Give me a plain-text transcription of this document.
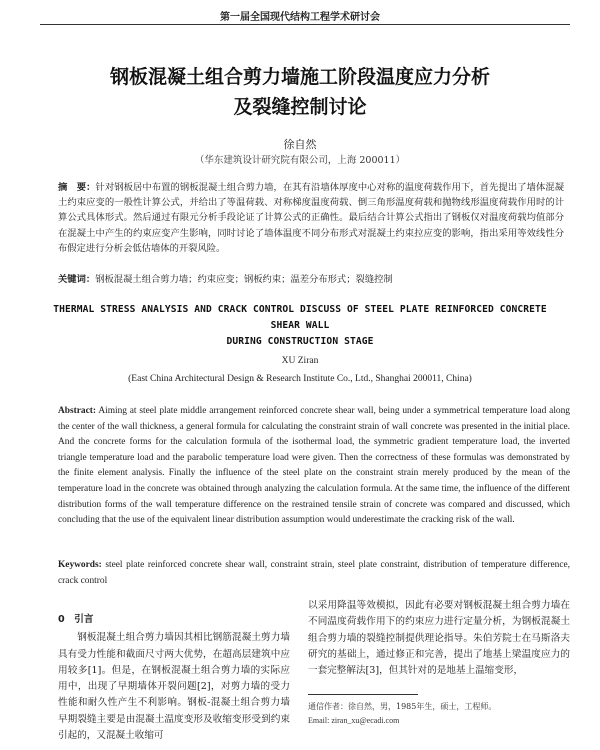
第一届全国现代结构工程学术研讨会
钢板混凝土组合剪力墙施工阶段温度应力分析
及裂缝控制讨论
徐自然
（华东建筑设计研究院有限公司，上海 200011）
摘　要：针对钢板居中布置的钢板混凝土组合剪力墙，在其有沿墙体厚度中心对称的温度荷载作用下，首先提出了墙体混凝土约束应变的一般性计算公式，并给出了等温荷载、对称梯度温度荷载、倒三角形温度荷载和抛物线形温度荷载作用时的计算公式具体形式。然后通过有限元分析手段论证了计算公式的正确性。最后结合计算公式指出了钢板仅对温度荷载均值部分在混凝土中产生的约束应变产生影响，同时讨论了墙体温度不同分布形式对混凝土约束拉应变的影响，指出采用等效线性分布假定进行分析会低估墙体的开裂风险。
关键词：钢板混凝土组合剪力墙；约束应变；钢板约束；温差分布形式；裂缝控制
THERMAL STRESS ANALYSIS AND CRACK CONTROL DISCUSS OF STEEL PLATE REINFORCED CONCRETE SHEAR WALL
DURING CONSTRUCTION STAGE
XU Ziran
(East China Architectural Design & Research Institute Co., Ltd., Shanghai 200011, China)
Abstract: Aiming at steel plate middle arrangement reinforced concrete shear wall, being under a symmetrical temperature load along the center of the wall thickness, a general formula for calculating the constraint strain of wall concrete was presented in the initial place. And the concrete forms for the calculation formula of the isothermal load, the symmetric gradient temperature load, the inverted triangle temperature load and the parabolic temperature load were given. Then the correctness of these formulas was demonstrated by the finite element analysis. Finally the influence of the steel plate on the constraint strain merely produced by the mean of the temperature load in the concrete was obtained through analyzing the calculation formula. At the same time, the influence of the different distribution forms of the wall temperature difference on the restrained tensile strain of concrete was compared and discussed, which concluding that the use of the equivalent linear distribution assumption would underestimate the cracking risk of the wall.
Keywords: steel plate reinforced concrete shear wall, constraint strain, steel plate constraint, distribution of temperature difference, crack control
0　引言

钢板混凝土组合剪力墙因其相比钢筋混凝土剪力墙具有受力性能和截面尺寸两大优势，在超高层建筑中应用较多[1]。但是，在钢板混凝土组合剪力墙的实际应用中，出现了早期墙体开裂问题[2]，对剪力墙的受力性能和耐久性产生不利影响。钢板-混凝土组合剪力墙早期裂缝主要是由混凝土温度变形及收缩变形受到约束引起的，又混凝土收缩可

以采用降温等效模拟，因此有必要对钢板混凝土组合剪力墙在不同温度荷载作用下的约束应力进行定量分析，为钢板混凝土组合剪力墙的裂缝控制提供理论指导。朱伯芳院士在马斯洛夫研究的基础上，通过修正和完善，提出了地基上梁温度应力的一套完整解法[3]，但其针对的是地基上温缩变形，

通信作者：徐自然，男，1985年生，硕士，工程师。
Email: ziran_xu@ecadi.com
